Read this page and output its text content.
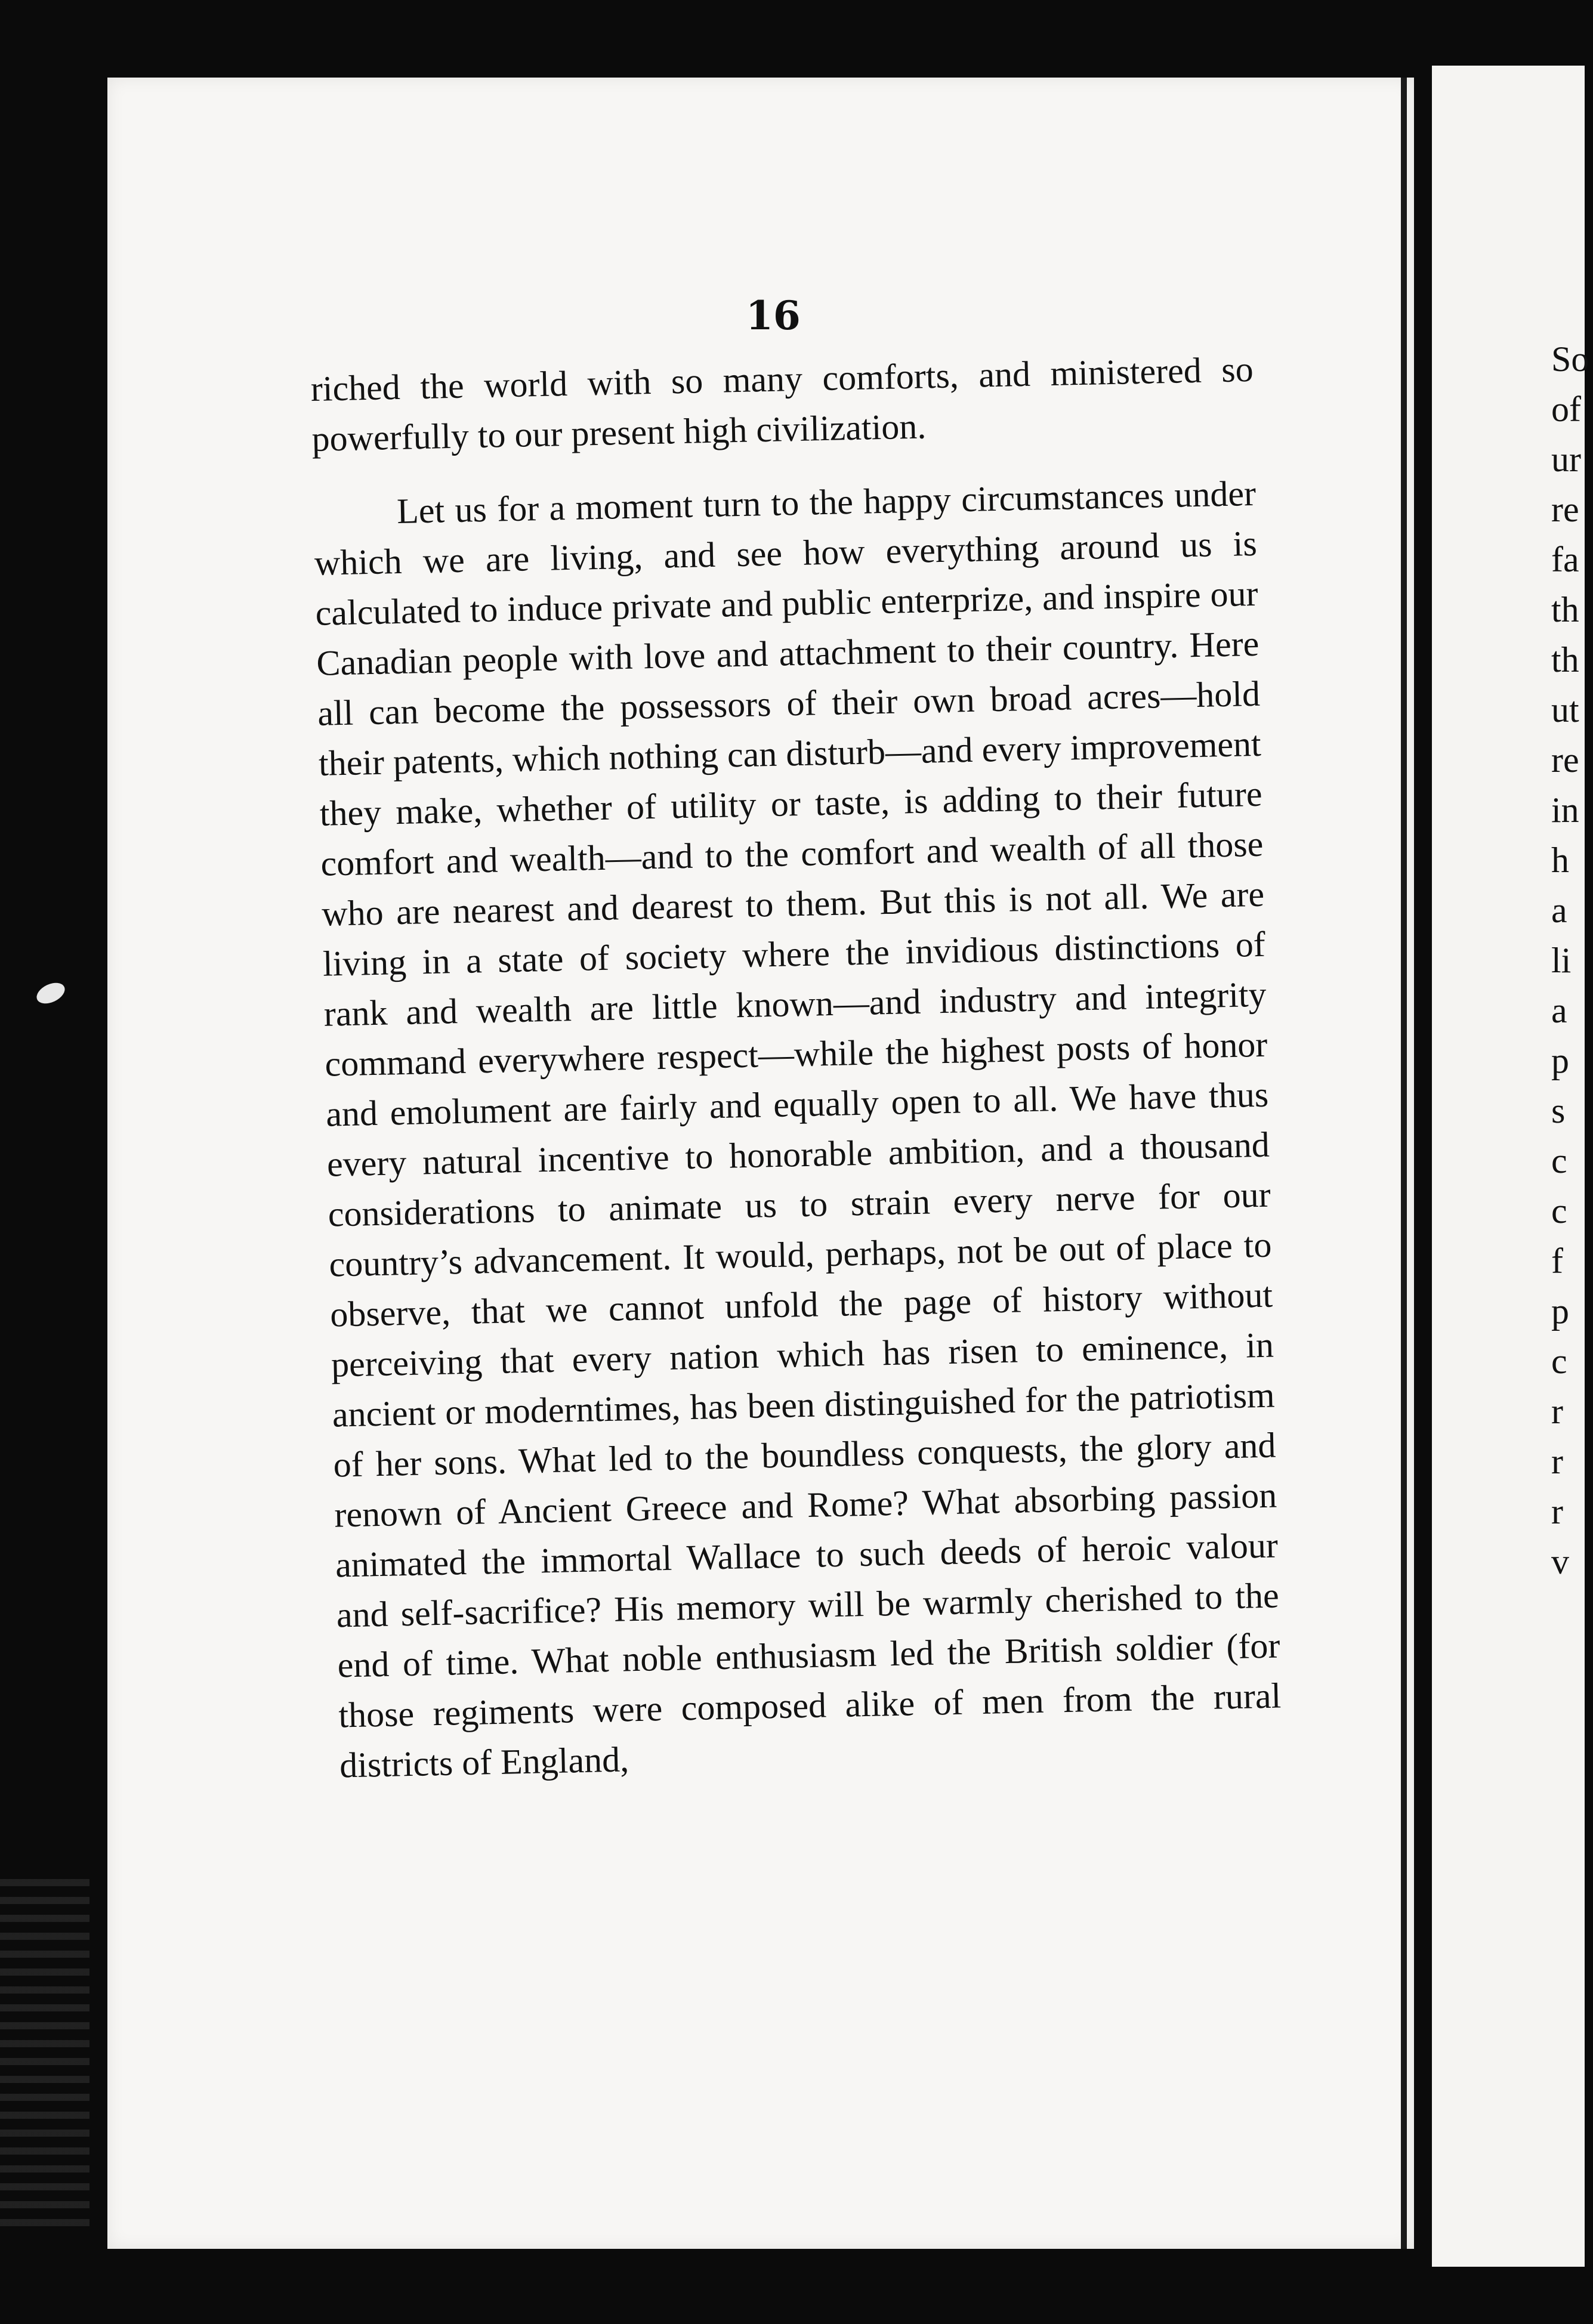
16

riched the world with so many comforts, and ministered so powerfully to our present high civilization.

Let us for a moment turn to the happy circumstances under which we are living, and see how everything around us is calculated to induce private and public enterprize, and inspire our Canadian people with love and attachment to their country. Here all can become the possessors of their own broad acres—hold their patents, which nothing can disturb—and every improvement they make, whether of utility or taste, is adding to their future comfort and wealth—and to the comfort and wealth of all those who are nearest and dearest to them. But this is not all. We are living in a state of society where the invidious distinctions of rank and wealth are little known—and industry and integrity command everywhere respect—while the highest posts of honor and emolument are fairly and equally open to all. We have thus every natural incentive to honorable ambition, and a thousand considerations to animate us to strain every nerve for our country’s advancement. It would, perhaps, not be out of place to observe, that we cannot unfold the page of history without perceiving that every nation which has risen to eminence, in ancient or moderntimes, has been distinguished for the patriotism of her sons. What led to the boundless conquests, the glory and renown of Ancient Greece and Rome? What absorbing passion animated the immortal Wallace to such deeds of heroic valour and self-sacrifice? His memory will be warmly cherished to the end of time. What noble enthusiasm led the British soldier (for those regiments were composed alike of men from the rural districts of England,

So
of
ur
re
fa
th
th
ut
re
in
h
a
li
a
p
s
c
c
f
p
c
r
r
r
v
